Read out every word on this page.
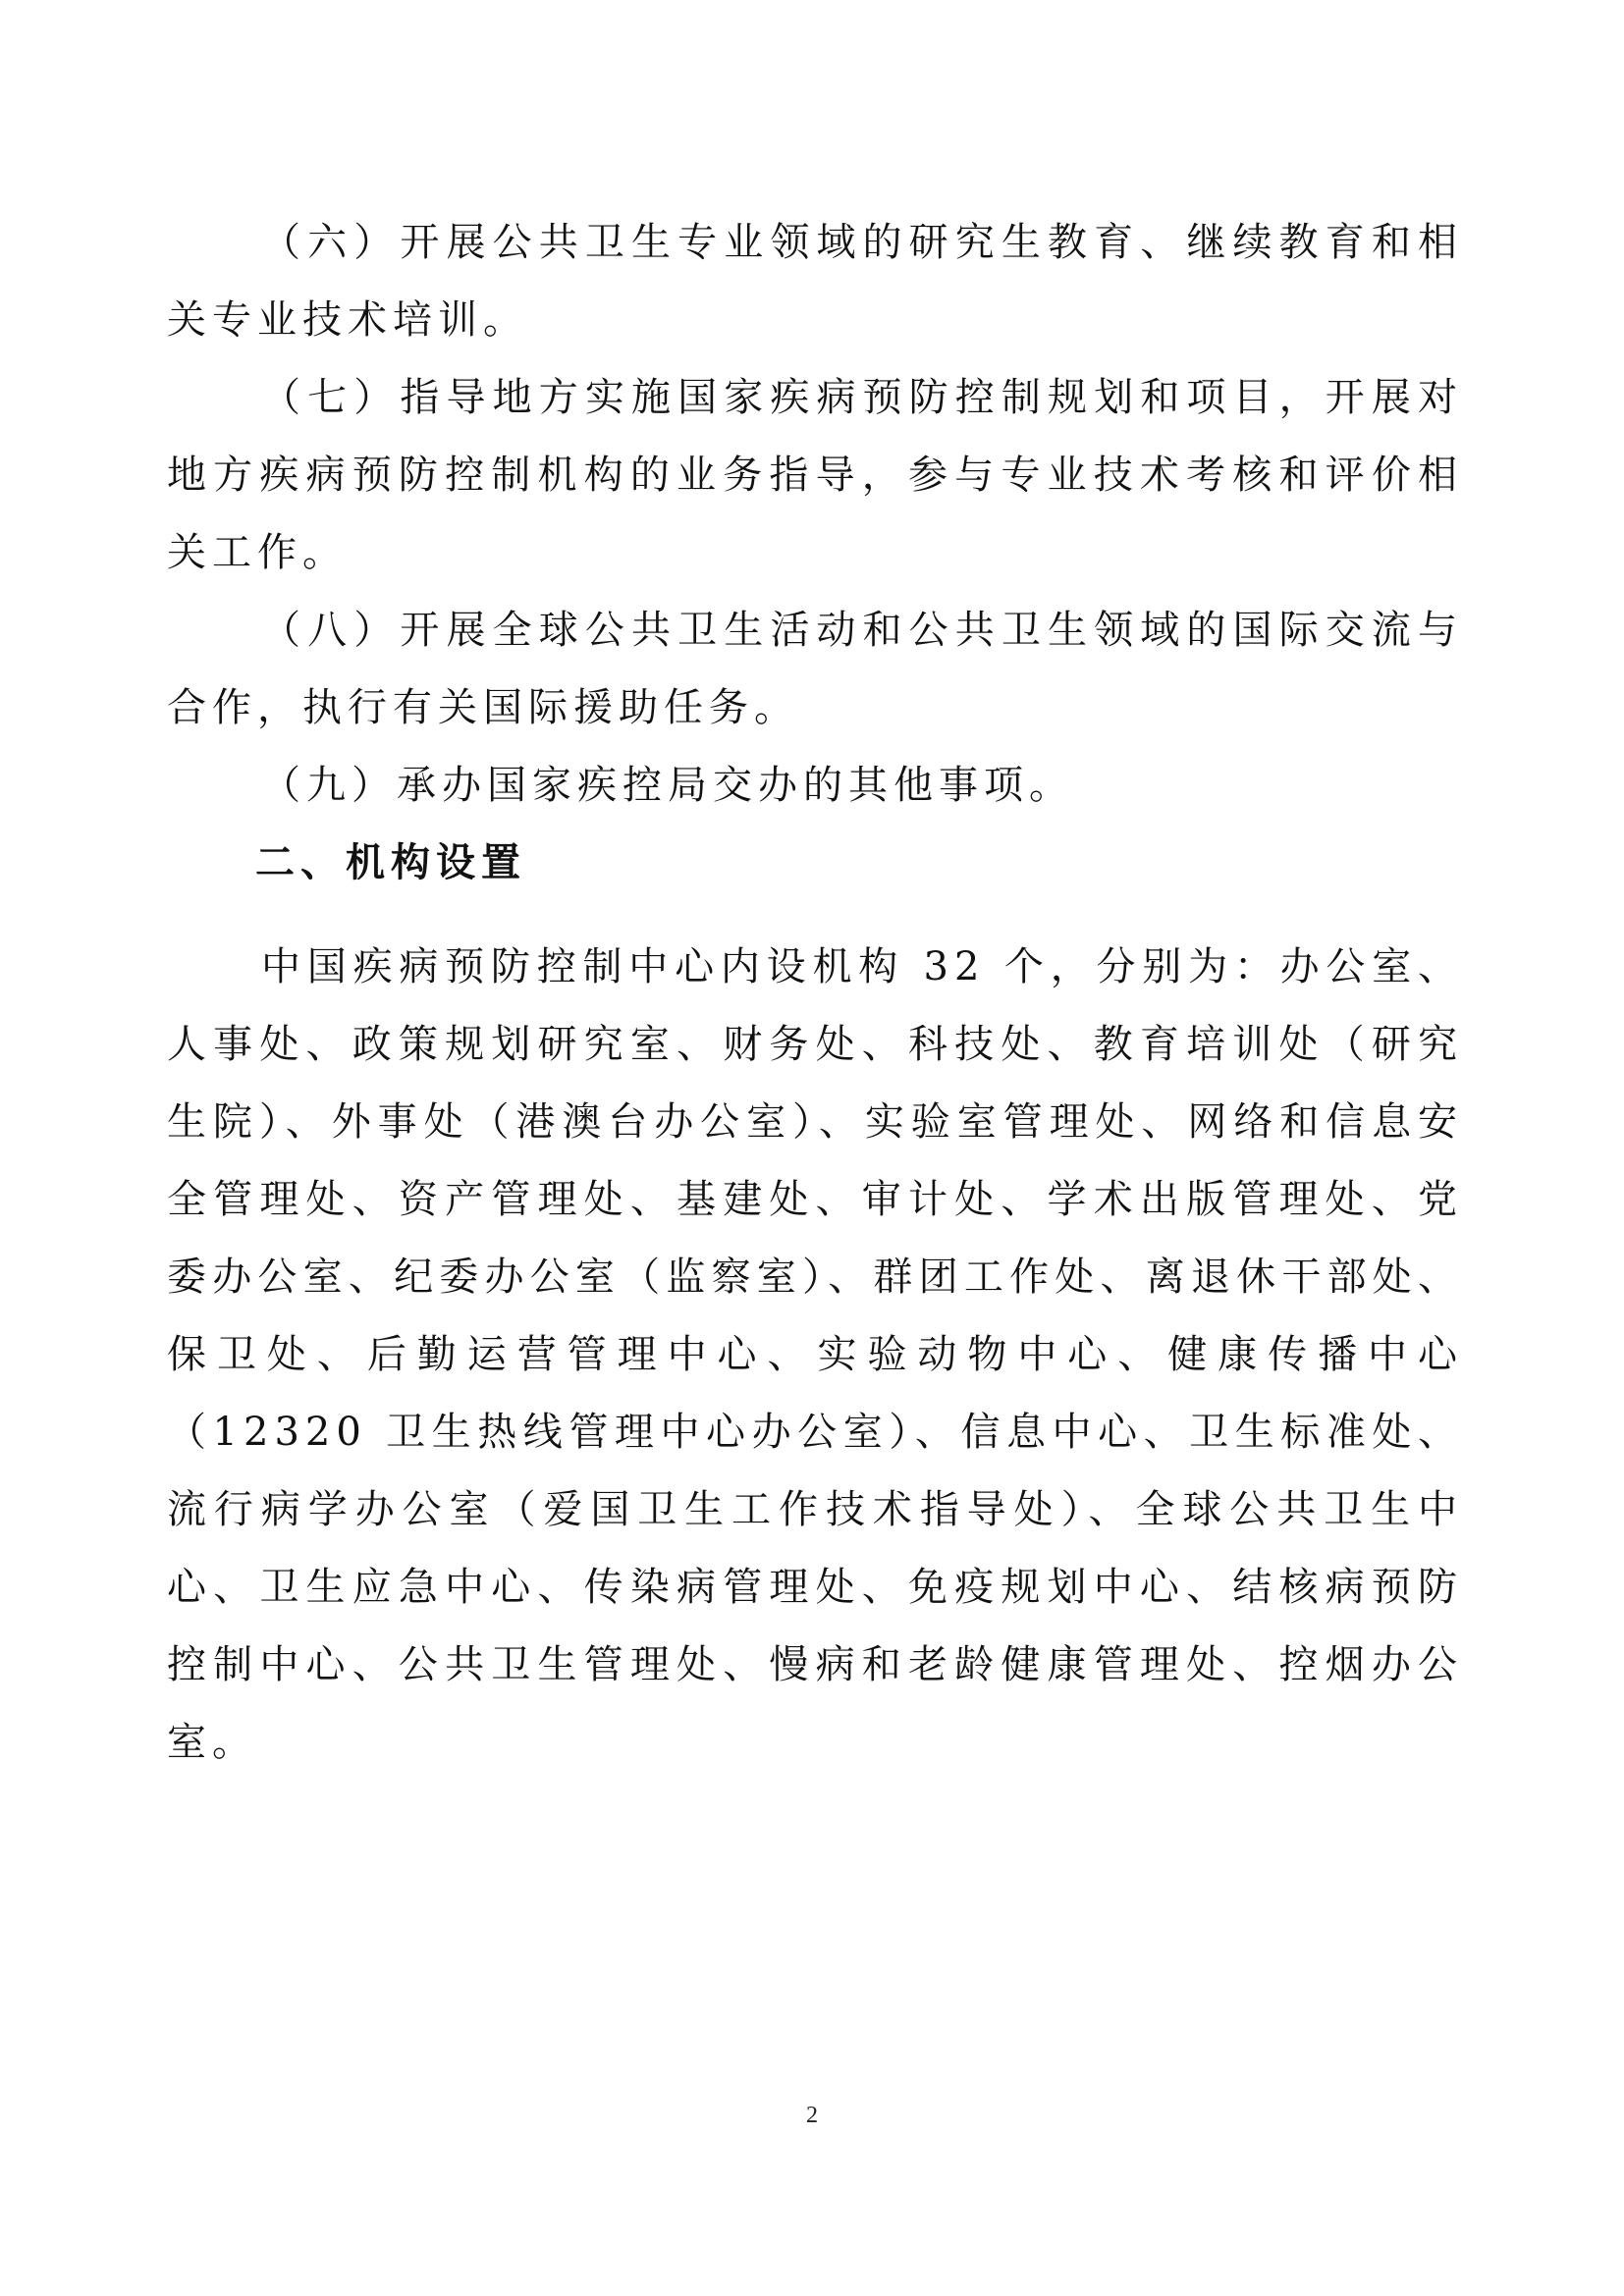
（六）开展公共卫生专业领域的研究生教育、继续教育和相关专业技术培训。

（七）指导地方实施国家疾病预防控制规划和项目，开展对地方疾病预防控制机构的业务指导，参与专业技术考核和评价相关工作。

（八）开展全球公共卫生活动和公共卫生领域的国际交流与合作，执行有关国际援助任务。

（九）承办国家疾控局交办的其他事项。

二、机构设置

中国疾病预防控制中心内设机构 32 个，分别为：办公室、人事处、政策规划研究室、财务处、科技处、教育培训处（研究生院）、外事处（港澳台办公室）、实验室管理处、网络和信息安全管理处、资产管理处、基建处、审计处、学术出版管理处、党委办公室、纪委办公室（监察室）、群团工作处、离退休干部处、保卫处、后勤运营管理中心、实验动物中心、健康传播中心（12320 卫生热线管理中心办公室）、信息中心、卫生标准处、流行病学办公室（爱国卫生工作技术指导处）、全球公共卫生中心、卫生应急中心、传染病管理处、免疫规划中心、结核病预防控制中心、公共卫生管理处、慢病和老龄健康管理处、控烟办公室。

2
